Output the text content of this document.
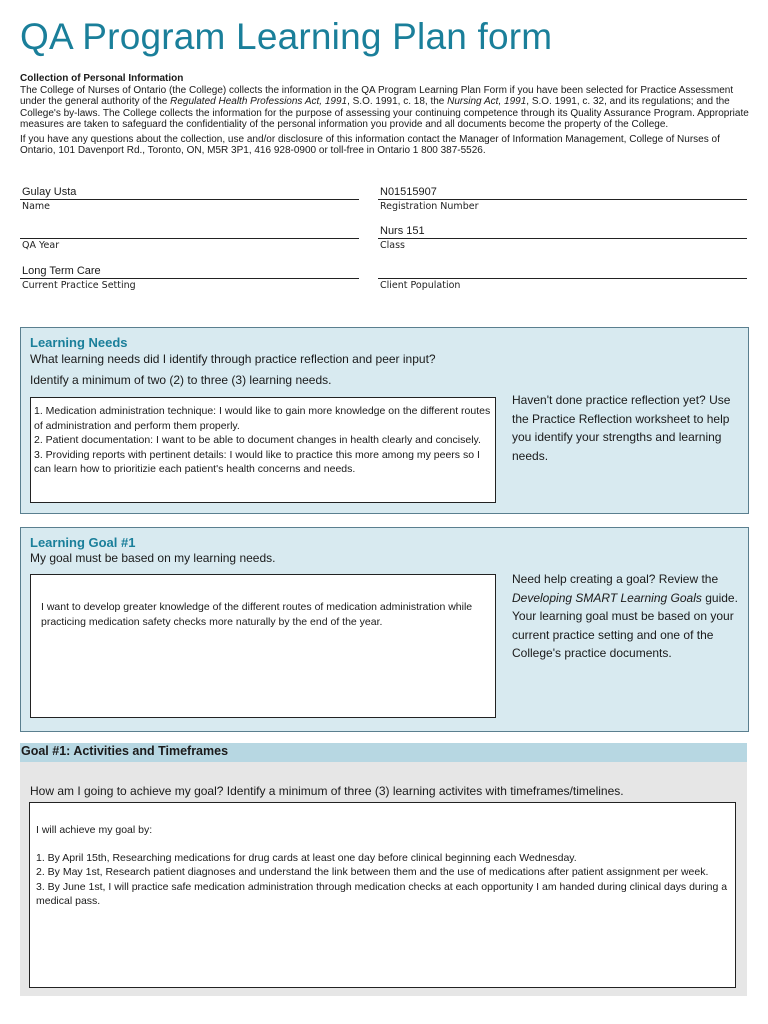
QA Program Learning Plan form
Collection of Personal Information

The College of Nurses of Ontario (the College) collects the information in the QA Program Learning Plan Form if you have been selected for Practice Assessment under the general authority of the Regulated Health Professions Act, 1991, S.O. 1991, c. 18, the Nursing Act, 1991, S.O. 1991, c. 32, and its regulations; and the College's by-laws. The College collects the information for the purpose of assessing your continuing competence through its Quality Assurance Program. Appropriate measures are taken to safeguard the confidentiality of the personal information you provide and all documents become the property of the College.

If you have any questions about the collection, use and/or disclosure of this information contact the Manager of Information Management, College of Nurses of Ontario, 101 Davenport Rd., Toronto, ON, M5R 3P1, 416 928-0900 or toll-free in Ontario 1 800 387-5526.

Gulay Usta
Name
N01515907
Registration Number
QA Year
Nurs 151
Class
Long Term Care
Current Practice Setting	Client Population
Learning Needs
What learning needs did I identify through practice reflection and peer input?
Identify a minimum of two (2) to three (3) learning needs.
1. Medication administration technique: I would like to gain more knowledge on the different routes of administration and perform them properly.
2. Patient documentation: I want to be able to document changes in health clearly and concisely.
3. Providing reports with pertinent details: I would like to practice this more among my peers so I can learn how to prioritizie each patient's health concerns and needs.
Haven't done practice reflection yet? Use the Practice Reflection worksheet to help you identify your strengths and learning needs.
Learning Goal #1
My goal must be based on my learning needs.
I want to develop greater knowledge of the different routes of medication administration while practicing medication safety checks more naturally by the end of the year.
Need help creating a goal? Review the Developing SMART Learning Goals guide.
Your learning goal must be based on your current practice setting and one of the College's practice documents.
Goal #1: Activities and Timeframes
How am I going to achieve my goal? Identify a minimum of three (3) learning activites with timeframes/timelines.
I will achieve my goal by:
1. By April 15th, Researching medications for drug cards at least one day before clinical beginning each Wednesday.
2. By May 1st, Research patient diagnoses and understand the link between them and the use of medications after patient assignment per week.
3. By June 1st, I will practice safe medication administration through medication checks at each opportunity I am handed during clinical days during a medical pass.
